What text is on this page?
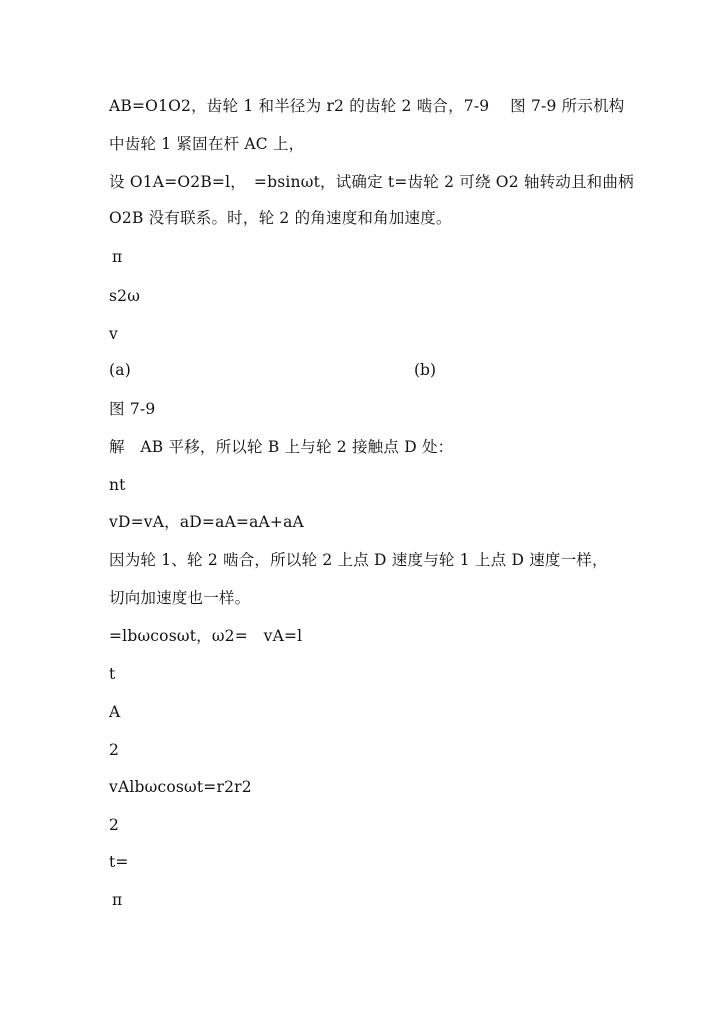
AB=O1O2，齿轮 1 和半径为 r2 的齿轮 2 啮合，7-9　 图 7-9 所示机构
中齿轮 1 紧固在杆 AC 上，
设 O1A=O2B=l，　=bsinωt，试确定 t=齿轮 2 可绕 O2 轴转动且和曲柄
O2B 没有联系。时，轮 2 的角速度和角加速度。
π
s2ω
v
(a)	(b)
图 7-9
解　AB 平移，所以轮 B 上与轮 2 接触点 D 处：
nt
vD=vA，aD=aA=aA+aA
因为轮 1、轮 2 啮合，所以轮 2 上点 D 速度与轮 1 上点 D 速度一样，
切向加速度也一样。
=lbωcosωt，ω2=　vA=l
t
A
2
vAlbωcosωt=r2r2
2
t=
π
